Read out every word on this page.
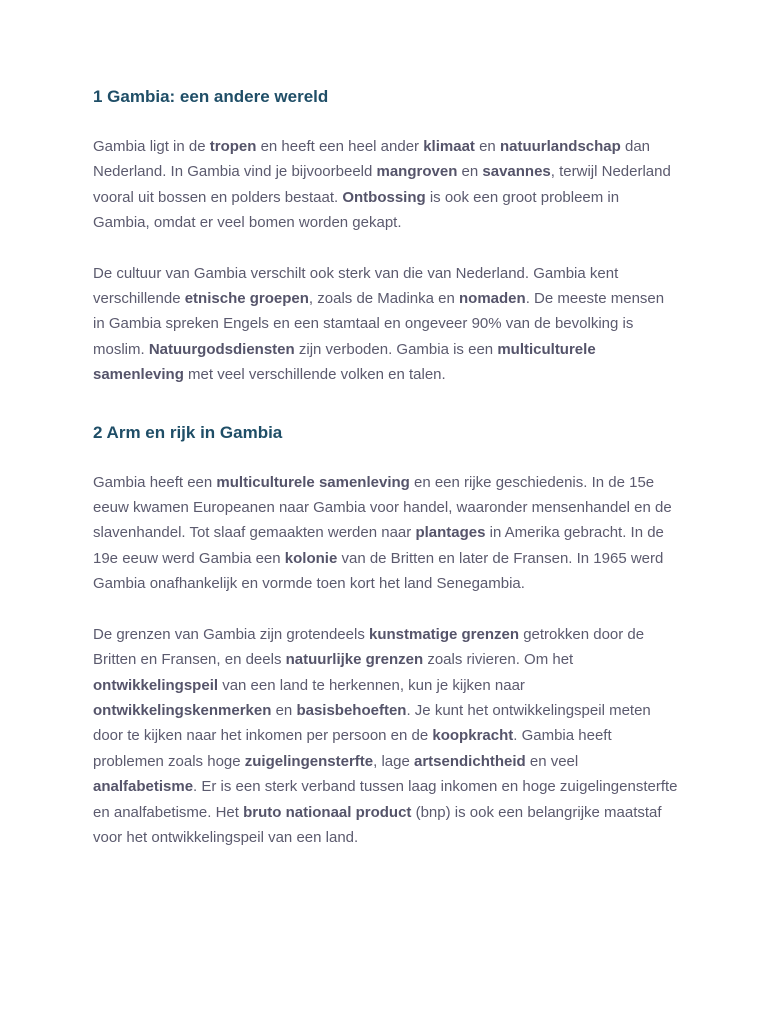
1 Gambia: een andere wereld

Gambia ligt in de tropen en heeft een heel ander klimaat en natuurlandschap dan Nederland. In Gambia vind je bijvoorbeeld mangroven en savannes, terwijl Nederland vooral uit bossen en polders bestaat. Ontbossing is ook een groot probleem in Gambia, omdat er veel bomen worden gekapt.

De cultuur van Gambia verschilt ook sterk van die van Nederland. Gambia kent verschillende etnische groepen, zoals de Madinka en nomaden. De meeste mensen in Gambia spreken Engels en een stamtaal en ongeveer 90% van de bevolking is moslim. Natuurgodsdiensten zijn verboden. Gambia is een multiculturele samenleving met veel verschillende volken en talen.

2 Arm en rijk in Gambia

Gambia heeft een multiculturele samenleving en een rijke geschiedenis. In de 15e eeuw kwamen Europeanen naar Gambia voor handel, waaronder mensenhandel en de slavenhandel. Tot slaaf gemaakten werden naar plantages in Amerika gebracht. In de 19e eeuw werd Gambia een kolonie van de Britten en later de Fransen. In 1965 werd Gambia onafhankelijk en vormde toen kort het land Senegambia.

De grenzen van Gambia zijn grotendeels kunstmatige grenzen getrokken door de Britten en Fransen, en deels natuurlijke grenzen zoals rivieren. Om het ontwikkelingspeil van een land te herkennen, kun je kijken naar ontwikkelingskenmerken en basisbehoeften. Je kunt het ontwikkelingspeil meten door te kijken naar het inkomen per persoon en de koopkracht. Gambia heeft problemen zoals hoge zuigelingensterfte, lage artsendichtheid en veel analfabetisme. Er is een sterk verband tussen laag inkomen en hoge zuigelingensterfte en analfabetisme. Het bruto nationaal product (bnp) is ook een belangrijke maatstaf voor het ontwikkelingspeil van een land.
